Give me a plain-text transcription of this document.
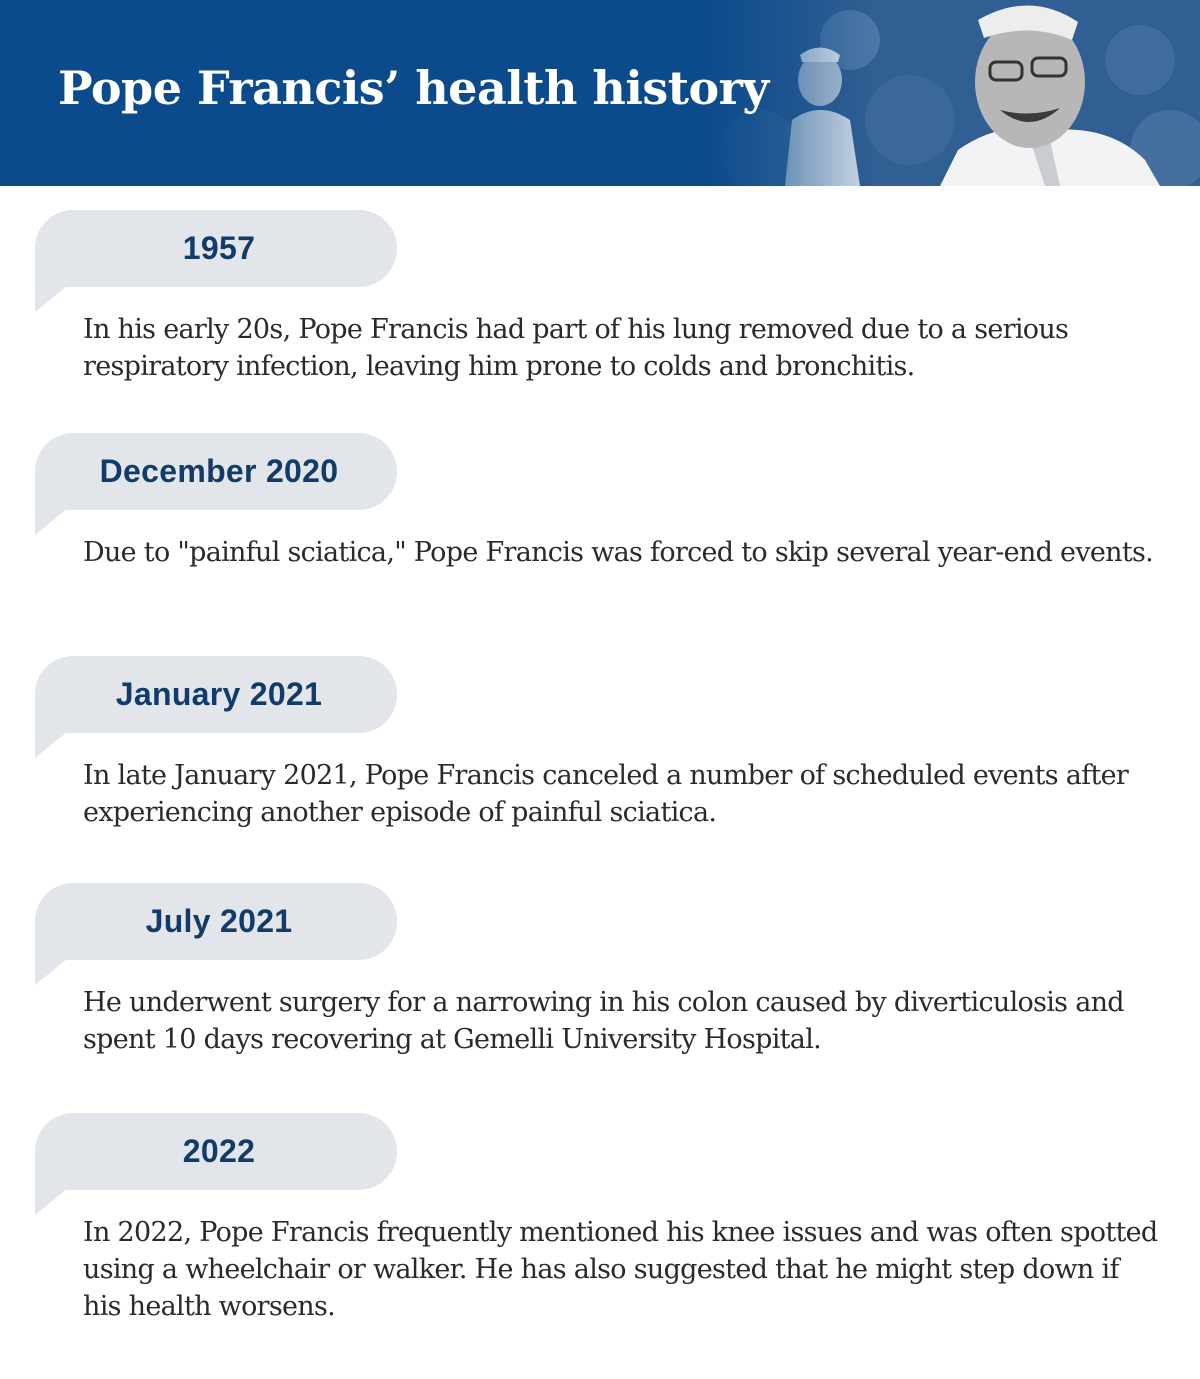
Pope Francis’ health history
1957

In his early 20s, Pope Francis had part of his lung removed due to a serious respiratory infection, leaving him prone to colds and bronchitis.

December 2020

Due to "painful sciatica," Pope Francis was forced to skip several year-end events.

January 2021

In late January 2021, Pope Francis canceled a number of scheduled events after experiencing another episode of painful sciatica.

July 2021

He underwent surgery for a narrowing in his colon caused by diverticulosis and spent 10 days recovering at Gemelli University Hospital.

2022

In 2022, Pope Francis frequently mentioned his knee issues and was often spotted using a wheelchair or walker. He has also suggested that he might step down if his health worsens.
